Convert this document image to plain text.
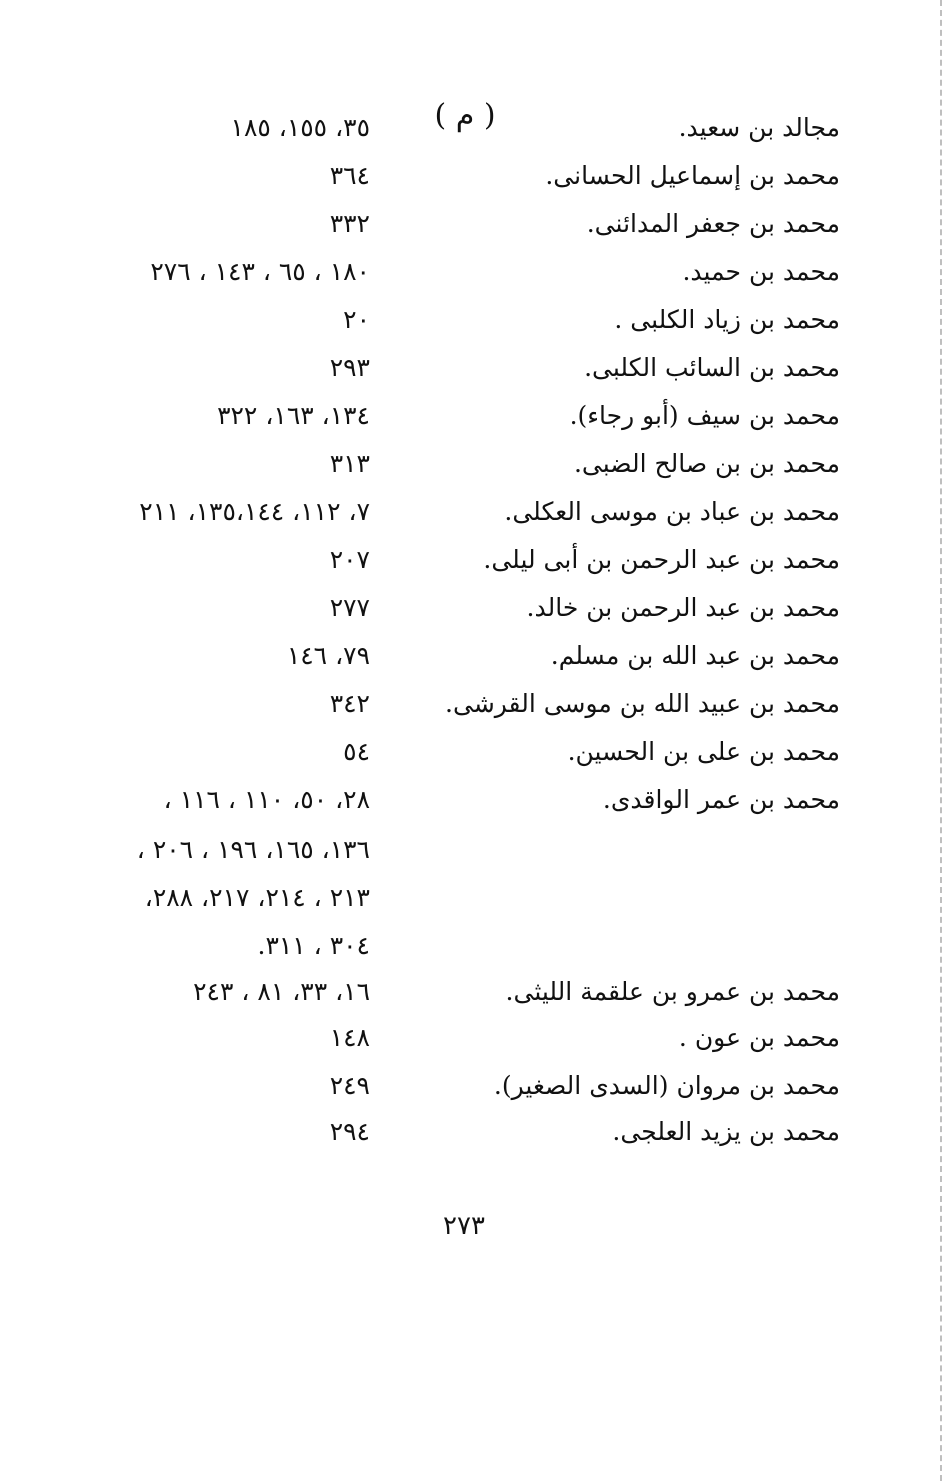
( م )	مجالد بن سعيد.
٣٥، ١٥٥، ١٨٥
محمد بن إسماعيل الحسانى.
٣٦٤
محمد بن جعفر المدائنى.
٣٣٢
محمد بن حميد.
١٨٠ ، ٦٥ ، ١٤٣ ، ٢٧٦
محمد بن زياد الكلبى .
٢٠
محمد بن السائب الكلبى.
٢٩٣
محمد بن سيف (أبو رجاء).
١٣٤، ١٦٣، ٣٢٢
محمد بن بن صالح الضبى.
٣١٣
محمد بن عباد بن موسى العكلى.
٧، ١١٢، ١٣٥،١٤٤، ٢١١
محمد بن عبد الرحمن بن أبى ليلى.
٢٠٧
محمد بن عبد الرحمن بن خالد.
٢٧٧
محمد بن عبد الله بن مسلم.
٧٩، ١٤٦
محمد بن عبيد الله بن موسى القرشى.
٣٤٢
محمد بن على بن الحسين.
٥٤
محمد بن عمر الواقدى.
٢٨، ٥٠، ١١٠ ، ١١٦ ،
١٣٦، ١٦٥، ١٩٦ ، ٢٠٦ ،
٢١٣ ، ٢١٤، ٢١٧، ٢٨٨،
٣٠٤ ، ٣١١.
محمد بن عمرو بن علقمة الليثى.
١٦، ٣٣، ٨١ ، ٢٤٣
محمد بن عون .
١٤٨
محمد بن مروان (السدى الصغير).
٢٤٩
محمد بن يزيد العلجى.
٢٩٤
٢٧٣
